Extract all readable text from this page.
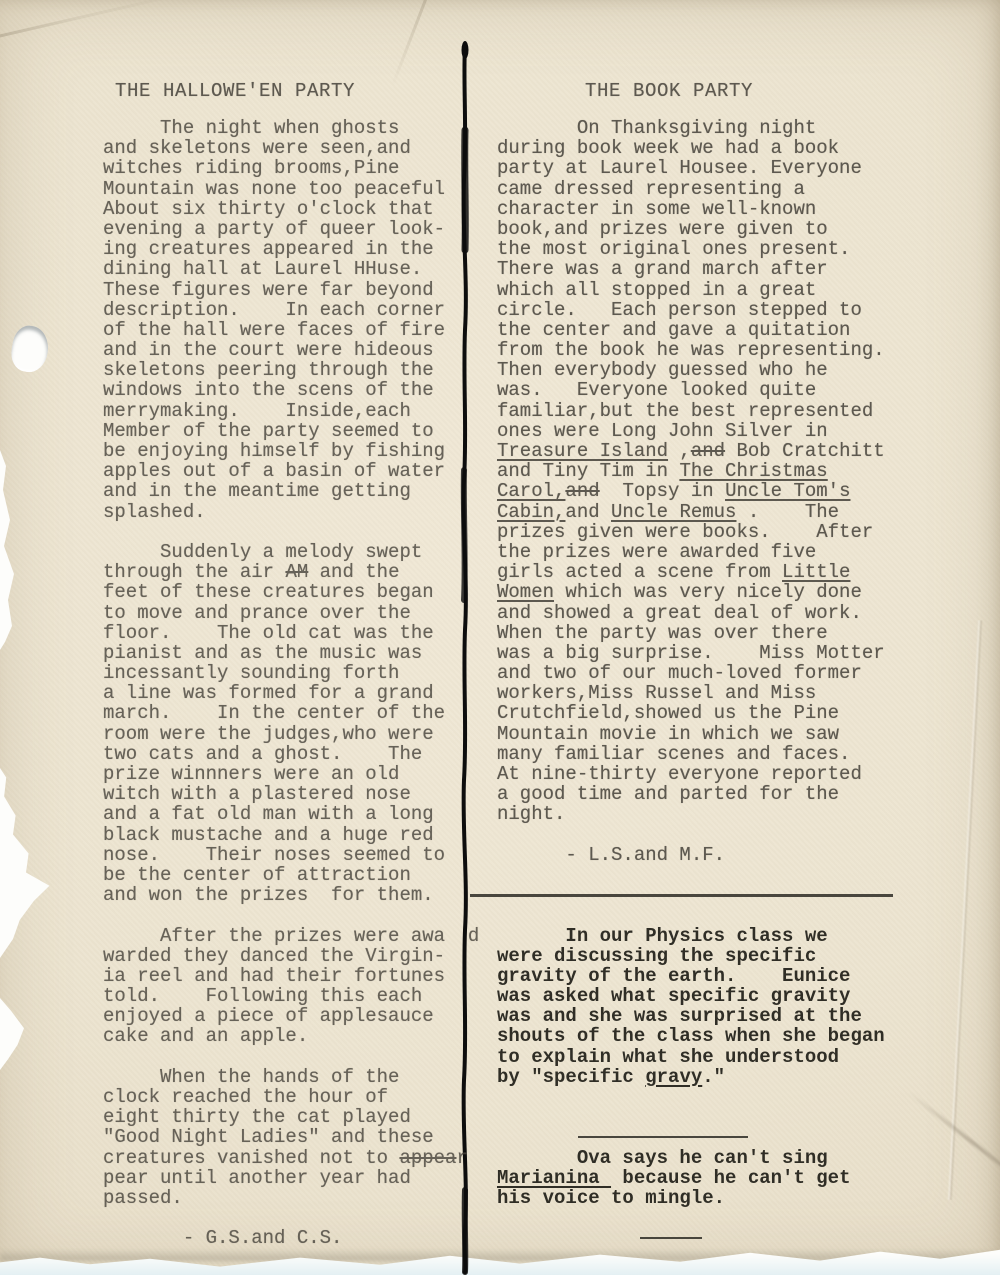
THE HALLOWE'EN PARTY	THE BOOK PARTY
The night when ghosts
and skeletons were seen,and
witches riding brooms,Pine
Mountain was none too peaceful
About six thirty o'clock that
evening a party of queer look-
ing creatures appeared in the
dining hall at Laurel HHuse.
These figures were far beyond
description.    In each corner
of the hall were faces of fire
and in the court were hideous
skeletons peering through the
windows into the scens of the
merrymaking.    Inside,each
Member of the party seemed to
be enjoying himself by fishing
apples out of a basin of water
and in the meantime getting
splashed.

Suddenly a melody swept
through the air AM and the
feet of these creatures began
to move and prance over the
floor.    The old cat was the
pianist and as the music was
incessantly sounding forth
a line was formed for a grand
march.    In the center of the
room were the judges,who were
two cats and a ghost.    The
prize winnners were an old
witch with a plastered nose
and a fat old man with a long
black mustache and a huge red
nose.    Their noses seemed to
be the center of attraction
and won the prizes  for them.

After the prizes were awa  d
warded they danced the Virgin-
ia reel and had their fortunes
told.    Following this each
enjoyed a piece of applesauce
cake and an apple.

When the hands of the
clock reached the hour of
eight thirty the cat played
"Good Night Ladies" and these
creatures vanished not to appear
pear until another year had
passed.

- G.S.and C.S.
On Thanksgiving night
during book week we had a book
party at Laurel Housee. Everyone
came dressed representing a
character in some well-known
book,and prizes were given to
the most original ones present.
There was a grand march after
which all stopped in a great
circle.   Each person stepped to
the center and gave a quitation
from the book he was representing.
Then everybody guessed who he
was.   Everyone looked quite
familiar,but the best represented
ones were Long John Silver in
Treasure Island ,and Bob Cratchitt
and Tiny Tim in The Christmas
Carol,and  Topsy in Uncle Tom's
Cabin,and Uncle Remus .    The
prizes given were books.    After
the prizes were awarded five
girls acted a scene from Little
Women which was very nicely done
and showed a great deal of work.
When the party was over there
was a big surprise.    Miss Motter
and two of our much-loved former
workers,Miss Russel and Miss
Crutchfield,showed us the Pine
Mountain movie in which we saw
many familiar scenes and faces.
At nine-thirty everyone reported
a good time and parted for the
night.

- L.S.and M.F.

In our Physics class we
were discussing the specific
gravity of the earth.    Eunice
was asked what specific gravity
was and she was surprised at the
shouts of the class when she began
to explain what she understood
by "specific gravy."

Ova says he can't sing
Marianina  because he can't get
his voice to mingle.
